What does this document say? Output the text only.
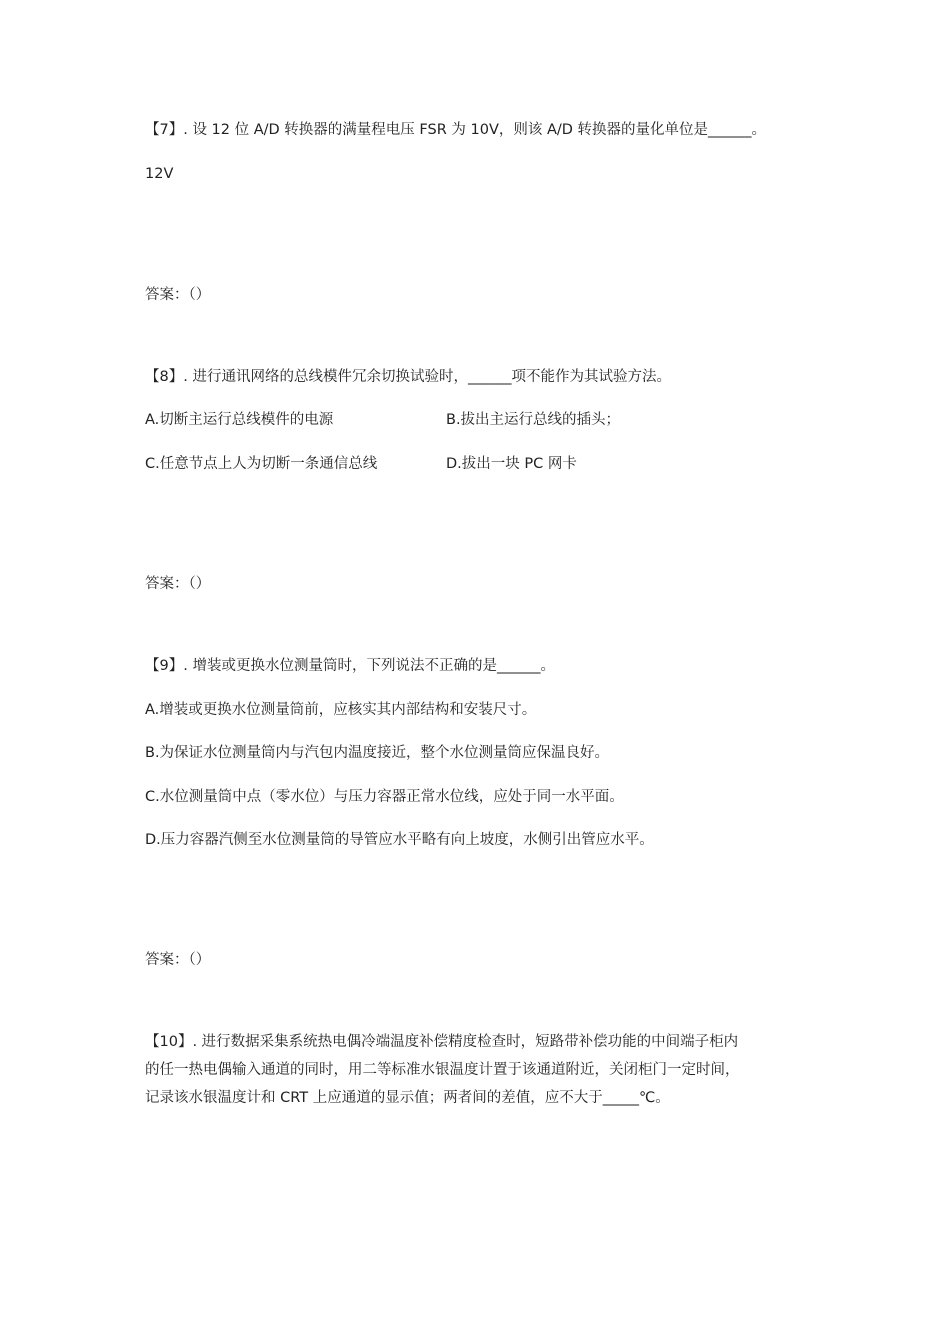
【7】. 设 12 位 A/D 转换器的满量程电压 FSR 为 10V，则该 A/D 转换器的量化单位是______。

12V

答案：（）

【8】. 进行通讯网络的总线模件冗余切换试验时，______项不能作为其试验方法。

A.切断主运行总线模件的电源	B.拔出主运行总线的插头；

C.任意节点上人为切断一条通信总线	D.拔出一块 PC 网卡

答案：（）

【9】. 增装或更换水位测量筒时，下列说法不正确的是______。

A.增装或更换水位测量筒前，应核实其内部结构和安装尺寸。

B.为保证水位测量筒内与汽包内温度接近，整个水位测量筒应保温良好。

C.水位测量筒中点（零水位）与压力容器正常水位线，应处于同一水平面。

D.压力容器汽侧至水位测量筒的导管应水平略有向上坡度，水侧引出管应水平。

答案：（）

【10】. 进行数据采集系统热电偶冷端温度补偿精度检查时，短路带补偿功能的中间端子柜内

的任一热电偶输入通道的同时，用二等标准水银温度计置于该通道附近，关闭柜门一定时间，

记录该水银温度计和 CRT 上应通道的显示值；两者间的差值，应不大于_____℃。
